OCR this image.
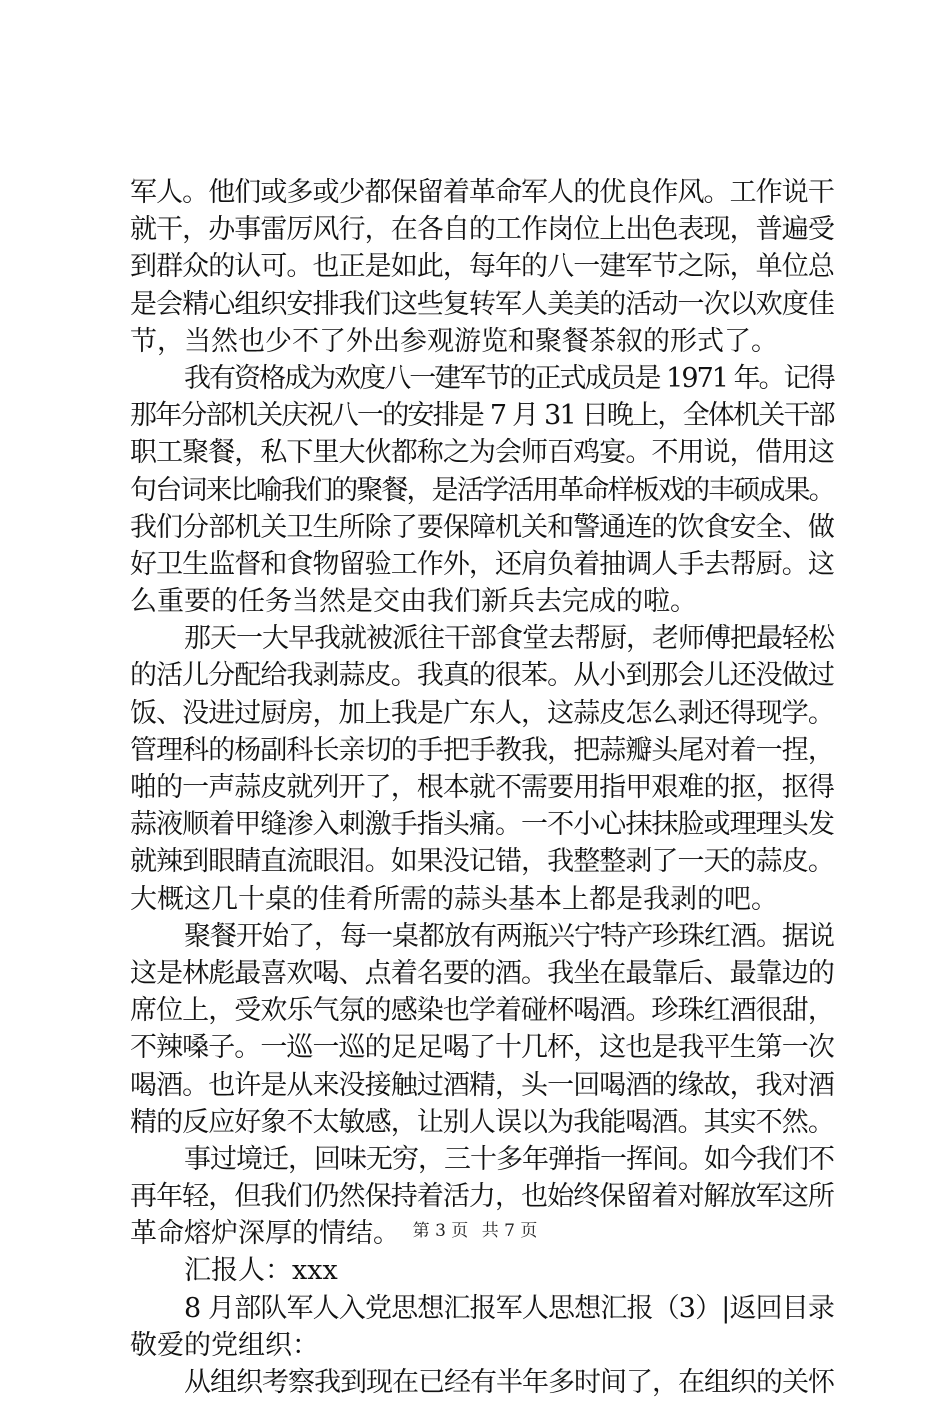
军人。他们或多或少都保留着革命军人的优良作风。工作说干
就干，办事雷厉风行，在各自的工作岗位上出色表现，普遍受
到群众的认可。也正是如此，每年的八一建军节之际，单位总
是会精心组织安排我们这些复转军人美美的活动一次以欢度佳
节，当然也少不了外出参观游览和聚餐茶叙的形式了。
我有资格成为欢度八一建军节的正式成员是 1971 年。记得
那年分部机关庆祝八一的安排是 7 月 31 日晚上，全体机关干部
职工聚餐，私下里大伙都称之为会师百鸡宴。不用说，借用这
句台词来比喻我们的聚餐，是活学活用革命样板戏的丰硕成果。
我们分部机关卫生所除了要保障机关和警通连的饮食安全、做
好卫生监督和食物留验工作外，还肩负着抽调人手去帮厨。这
么重要的任务当然是交由我们新兵去完成的啦。
那天一大早我就被派往干部食堂去帮厨，老师傅把最轻松
的活儿分配给我剥蒜皮。我真的很苯。从小到那会儿还没做过
饭、没进过厨房，加上我是广东人，这蒜皮怎么剥还得现学。
管理科的杨副科长亲切的手把手教我，把蒜瓣头尾对着一捏，
啪的一声蒜皮就列开了，根本就不需要用指甲艰难的抠，抠得
蒜液顺着甲缝渗入刺激手指头痛。一不小心抹抹脸或理理头发
就辣到眼睛直流眼泪。如果没记错，我整整剥了一天的蒜皮。
大概这几十桌的佳肴所需的蒜头基本上都是我剥的吧。
聚餐开始了，每一桌都放有两瓶兴宁特产珍珠红酒。据说
这是林彪最喜欢喝、点着名要的酒。我坐在最靠后、最靠边的
席位上，受欢乐气氛的感染也学着碰杯喝酒。珍珠红酒很甜，
不辣嗓子。一巡一巡的足足喝了十几杯，这也是我平生第一次
喝酒。也许是从来没接触过酒精，头一回喝酒的缘故，我对酒
精的反应好象不太敏感，让别人误以为我能喝酒。其实不然。
事过境迁，回味无穷，三十多年弹指一挥间。如今我们不
再年轻，但我们仍然保持着活力，也始终保留着对解放军这所
革命熔炉深厚的情结。
汇报人：xxx
8 月部队军人入党思想汇报军人思想汇报（3）|返回目录
敬爱的党组织：
从组织考察我到现在已经有半年多时间了，在组织的关怀
第 3 页 共 7 页
